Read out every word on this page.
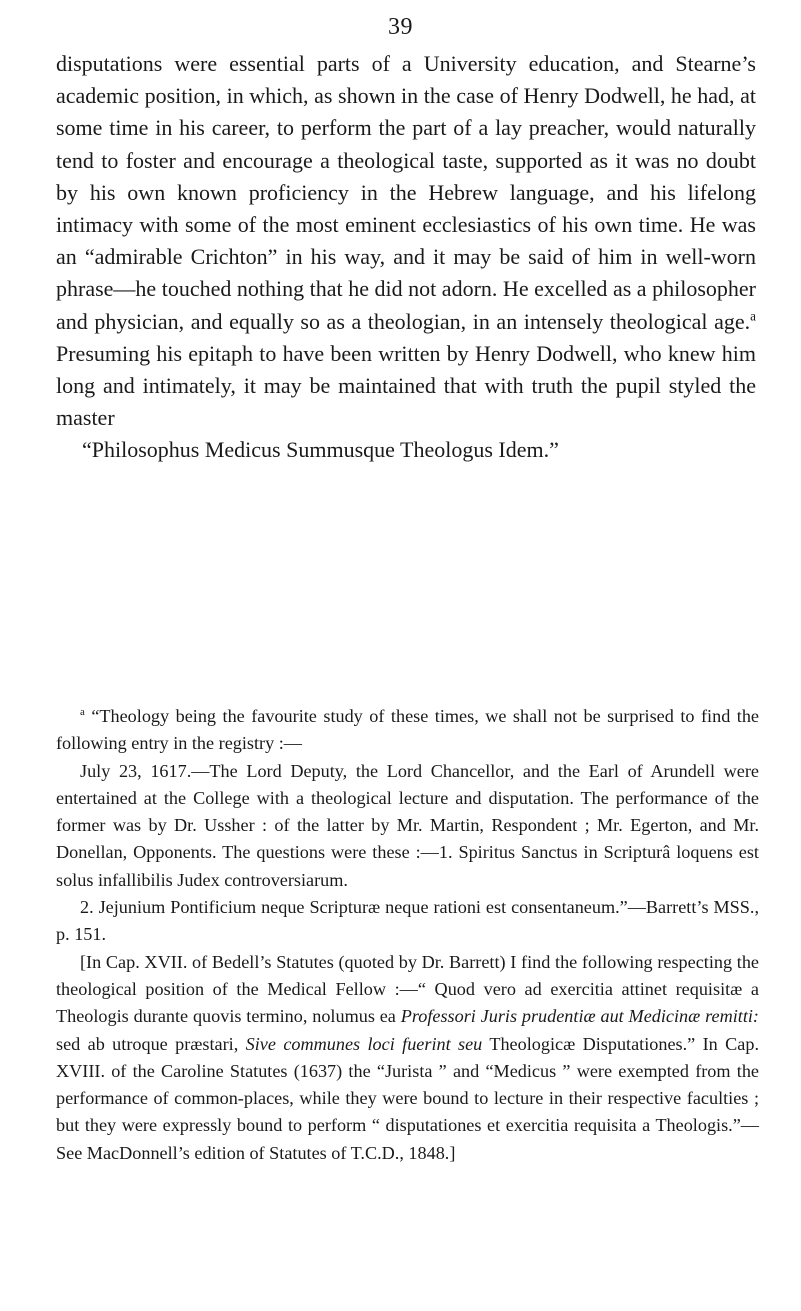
39

disputations were essential parts of a University education, and Stearne’s academic position, in which, as shown in the case of Henry Dodwell, he had, at some time in his career, to perform the part of a lay preacher, would naturally tend to foster and encourage a theological taste, supported as it was no doubt by his own known proficiency in the Hebrew language, and his lifelong intimacy with some of the most eminent ecclesiastics of his own time. He was an “admirable Crichton” in his way, and it may be said of him in well-worn phrase—he touched nothing that he did not adorn. He excelled as a philosopher and physician, and equally so as a theologian, in an intensely theological age.$^a$ Presuming his epitaph to have been written by Henry Dodwell, who knew him long and intimately, it may be maintained that with truth the pupil styled the master

“Philosophus Medicus Summusque Theologus Idem.”

$^a$ “Theology being the favourite study of these times, we shall not be surprised to find the following entry in the registry :—

July 23, 1617.—The Lord Deputy, the Lord Chancellor, and the Earl of Arundell were entertained at the College with a theological lecture and disputation. The performance of the former was by Dr. Ussher : of the latter by Mr. Martin, Respondent ; Mr. Egerton, and Mr. Donellan, Opponents. The questions were these :—1. Spiritus Sanctus in Scripturâ loquens est solus infallibilis Judex controversiarum.

2. Jejunium Pontificium neque Scripturæ neque rationi est consentaneum.”—Barrett’s MSS., p. 151.

[In Cap. XVII. of Bedell’s Statutes (quoted by Dr. Barrett) I find the following respecting the theological position of the Medical Fellow :—“ Quod vero ad exercitia attinet requisitæ a Theologis durante quovis termino, nolumus ea Professori Juris prudentiæ aut Medicinæ remitti: sed ab utroque præstari, Sive communes loci fuerint seu Theologicæ Disputationes.” In Cap. XVIII. of the Caroline Statutes (1637) the “Jurista ” and “Medicus ” were exempted from the performance of common-places, while they were bound to lecture in their respective faculties ; but they were expressly bound to perform “ disputationes et exercitia requisita a Theologis.”—See MacDonnell’s edition of Statutes of T.C.D., 1848.]
